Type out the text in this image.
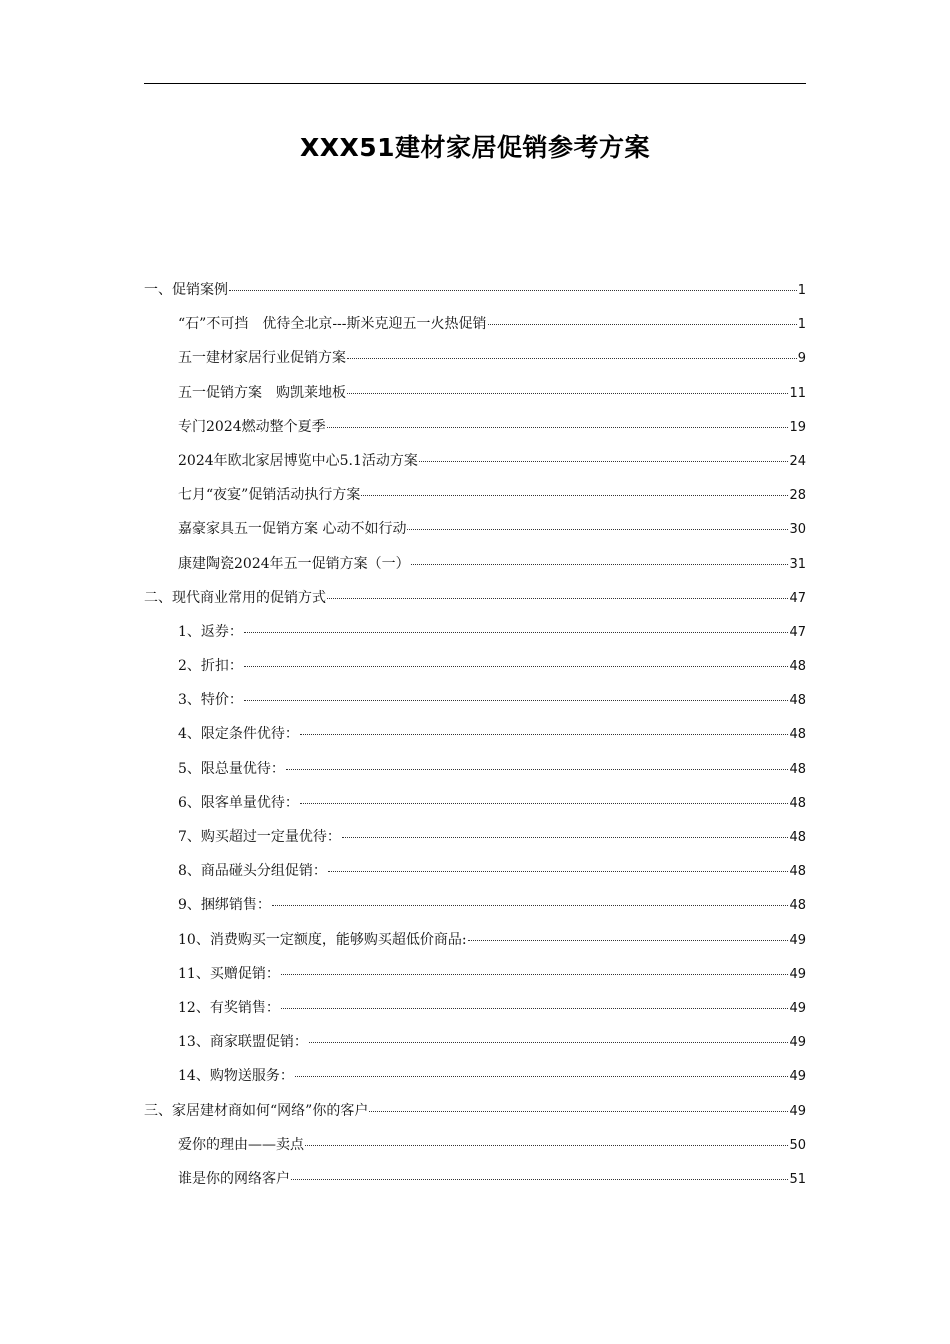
XXX51建材家居促销参考方案
一、促销案例	1
“石”不可挡　优待全北京---斯米克迎五一火热促销	1
五一建材家居行业促销方案	9
五一促销方案　购凯莱地板	11
专门2024燃动整个夏季	19
2024年欧北家居博览中心5.1活动方案	24
七月“夜宴”促销活动执行方案	28
嘉豪家具五一促销方案 心动不如行动	30
康建陶瓷2024年五一促销方案（一）	31
二、现代商业常用的促销方式	47
1、返券：	47
2、折扣：	48
3、特价：	48
4、限定条件优待：	48
5、限总量优待：	48
6、限客单量优待：	48
7、购买超过一定量优待：	48
8、商品碰头分组促销：	48
9、捆绑销售：	48
10、消费购买一定额度，能够购买超低价商品:	49
11、买赠促销：	49
12、有奖销售：	49
13、商家联盟促销：	49
14、购物送服务：	49
三、家居建材商如何“网络”你的客户	49
爱你的理由——卖点	50
谁是你的网络客户	51
